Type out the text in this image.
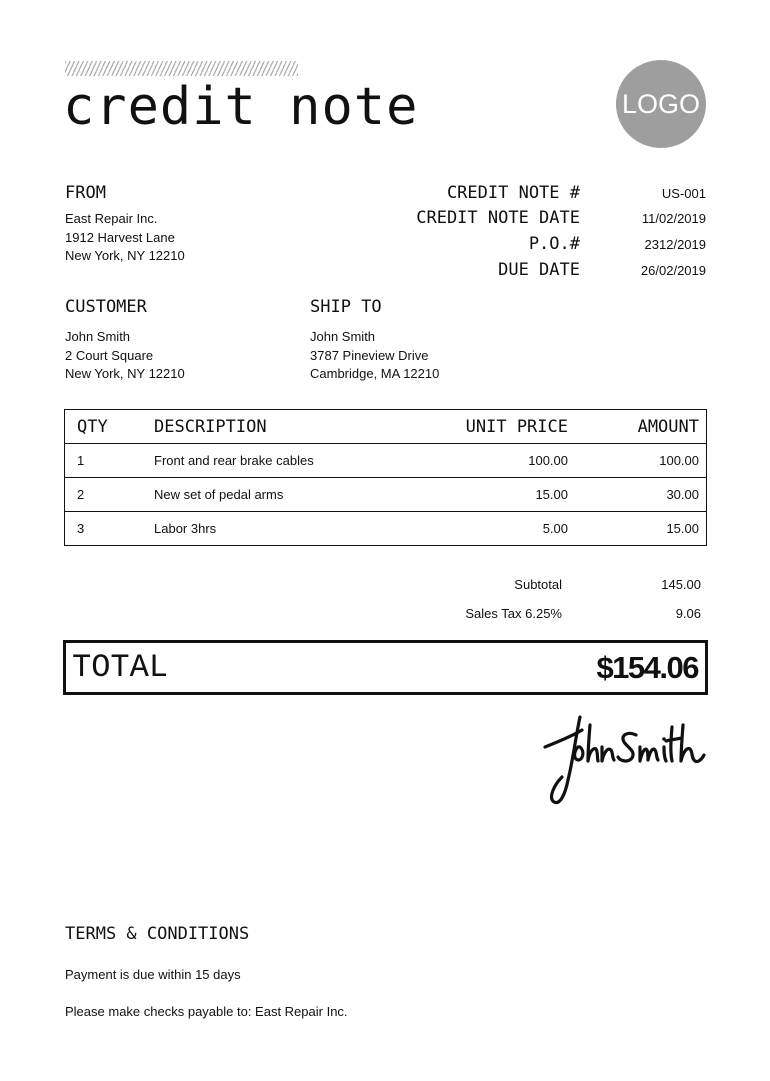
credit note	LOGO
FROM
East Repair Inc.
1912 Harvest Lane
New York, NY 12210
CREDIT NOTE #	US-001
CREDIT NOTE DATE	11/02/2019
P.O.#	2312/2019
DUE DATE	26/02/2019
CUSTOMER
John Smith
2 Court Square
New York, NY 12210
SHIP TO
John Smith
3787 Pineview Drive
Cambridge, MA 12210
QTY	DESCRIPTION	UNIT PRICE	AMOUNT
1	Front and rear brake cables	100.00	100.00
2	New set of pedal arms	15.00	30.00
3	Labor 3hrs	5.00	15.00
Subtotal	145.00
Sales Tax 6.25%	9.06
TOTAL	$154.06
TERMS & CONDITIONS
Payment is due within 15 days
Please make checks payable to: East Repair Inc.
